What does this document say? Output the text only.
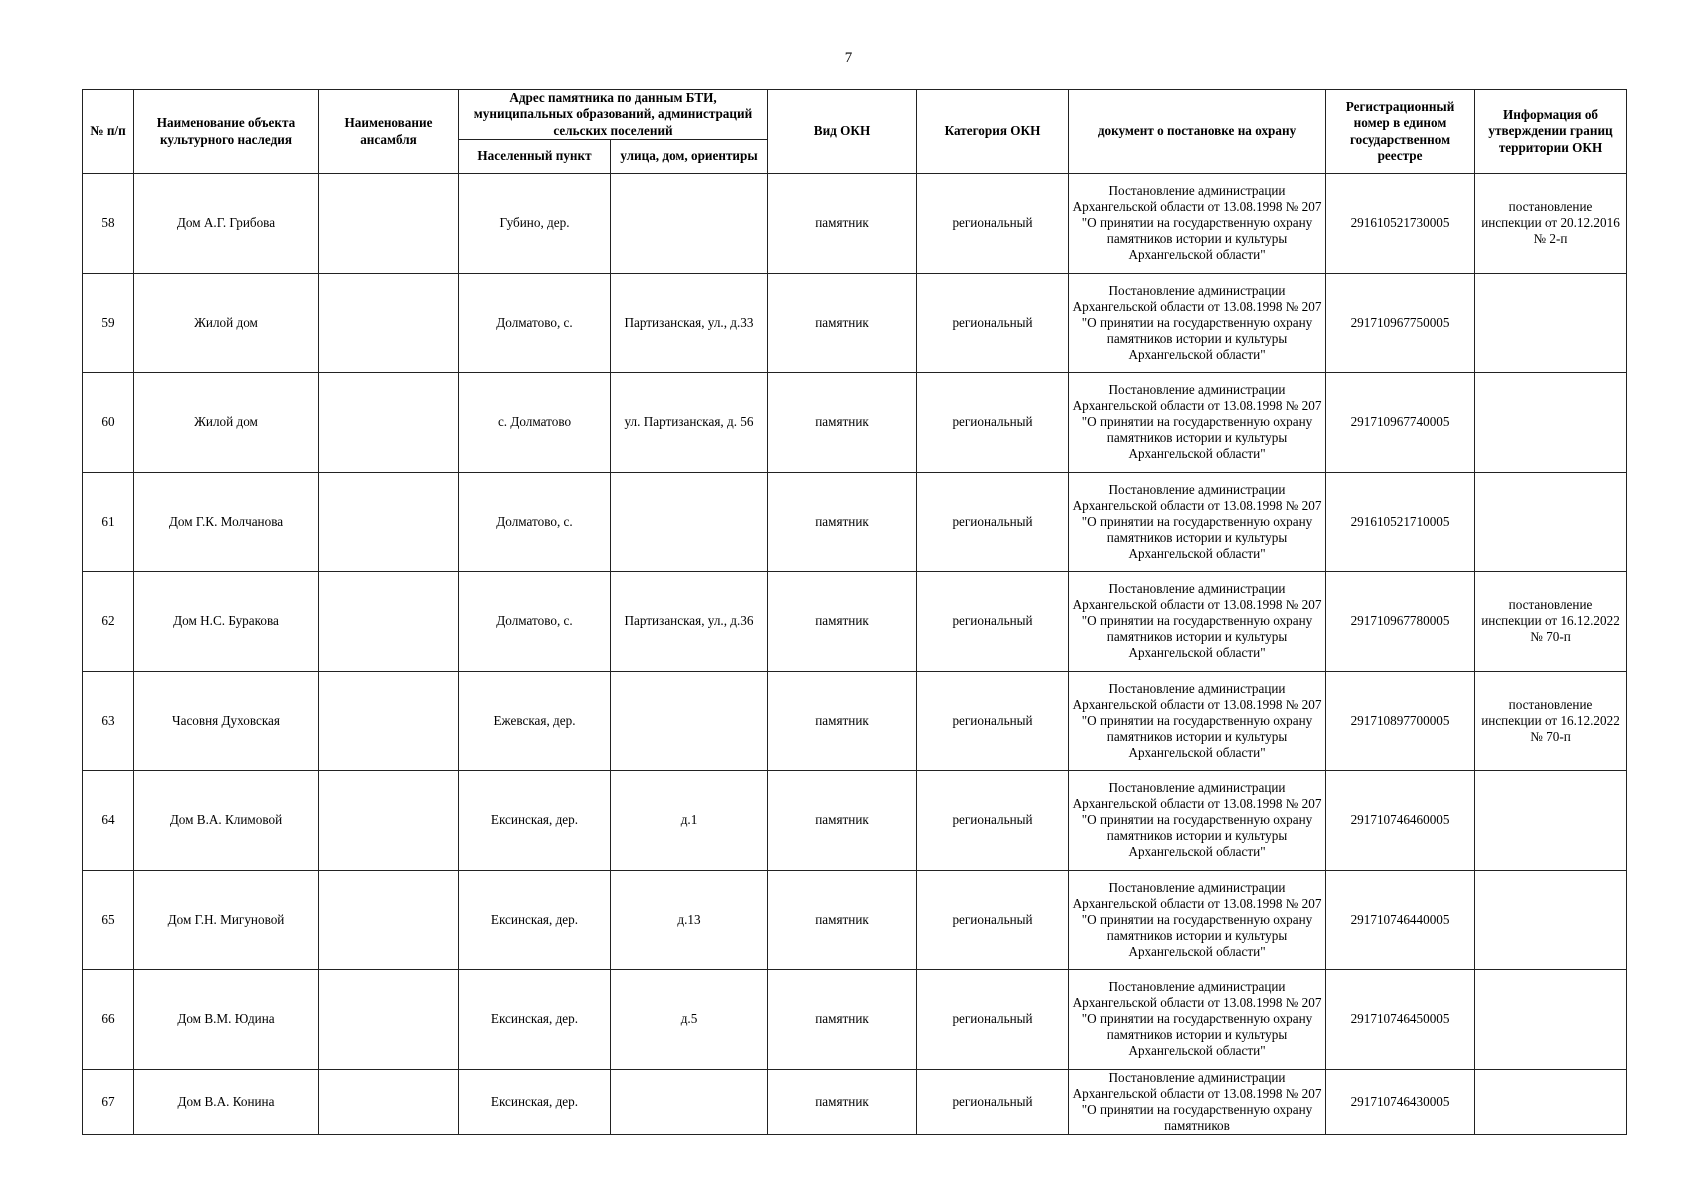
7
№ п/п	Наименование объекта культурного наследия	Наименование ансамбля	Адрес памятника по данным БТИ, муниципальных образований, администраций сельских поселений		Вид ОКН	Категория ОКН	документ о постановке на охрану	Регистрационный номер в едином государственном реестре	Информация об утверждении границ территории ОКН
			Населенный пункт	улица, дом, ориентиры					
58	Дом А.Г. Грибова		Губино, дер.		памятник	региональный	Постановление администрации Архангельской области от 13.08.1998 № 207 "О принятии на государственную охрану памятников истории и культуры Архангельской области"	291610521730005	постановление инспекции от 20.12.2016 № 2-п
59	Жилой дом		Долматово, с.	Партизанская, ул., д.33	памятник	региональный	Постановление администрации Архангельской области от 13.08.1998 № 207 "О принятии на государственную охрану памятников истории и культуры Архангельской области"	291710967750005	
60	Жилой дом		с. Долматово	ул. Партизанская, д. 56	памятник	региональный	Постановление администрации Архангельской области от 13.08.1998 № 207 "О принятии на государственную охрану памятников истории и культуры Архангельской области"	291710967740005	
61	Дом Г.К. Молчанова		Долматово, с.		памятник	региональный	Постановление администрации Архангельской области от 13.08.1998 № 207 "О принятии на государственную охрану памятников истории и культуры Архангельской области"	291610521710005	
62	Дом Н.С. Буракова		Долматово, с.	Партизанская, ул., д.36	памятник	региональный	Постановление администрации Архангельской области от 13.08.1998 № 207 "О принятии на государственную охрану памятников истории и культуры Архангельской области"	291710967780005	постановление инспекции от 16.12.2022 № 70-п
63	Часовня Духовская		Ежевская, дер.		памятник	региональный	Постановление администрации Архангельской области от 13.08.1998 № 207 "О принятии на государственную охрану памятников истории и культуры Архангельской области"	291710897700005	постановление инспекции от 16.12.2022 № 70-п
64	Дом В.А. Климовой		Ексинская, дер.	д.1	памятник	региональный	Постановление администрации Архангельской области от 13.08.1998 № 207 "О принятии на государственную охрану памятников истории и культуры Архангельской области"	291710746460005	
65	Дом Г.Н. Мигуновой		Ексинская, дер.	д.13	памятник	региональный	Постановление администрации Архангельской области от 13.08.1998 № 207 "О принятии на государственную охрану памятников истории и культуры Архангельской области"	291710746440005	
66	Дом В.М. Юдина		Ексинская, дер.	д.5	памятник	региональный	Постановление администрации Архангельской области от 13.08.1998 № 207 "О принятии на государственную охрану памятников истории и культуры Архангельской области"	291710746450005	
67	Дом В.А. Конина		Ексинская, дер.		памятник	региональный	Постановление администрации Архангельской области от 13.08.1998 № 207 "О принятии на государственную охрану памятников	291710746430005	
